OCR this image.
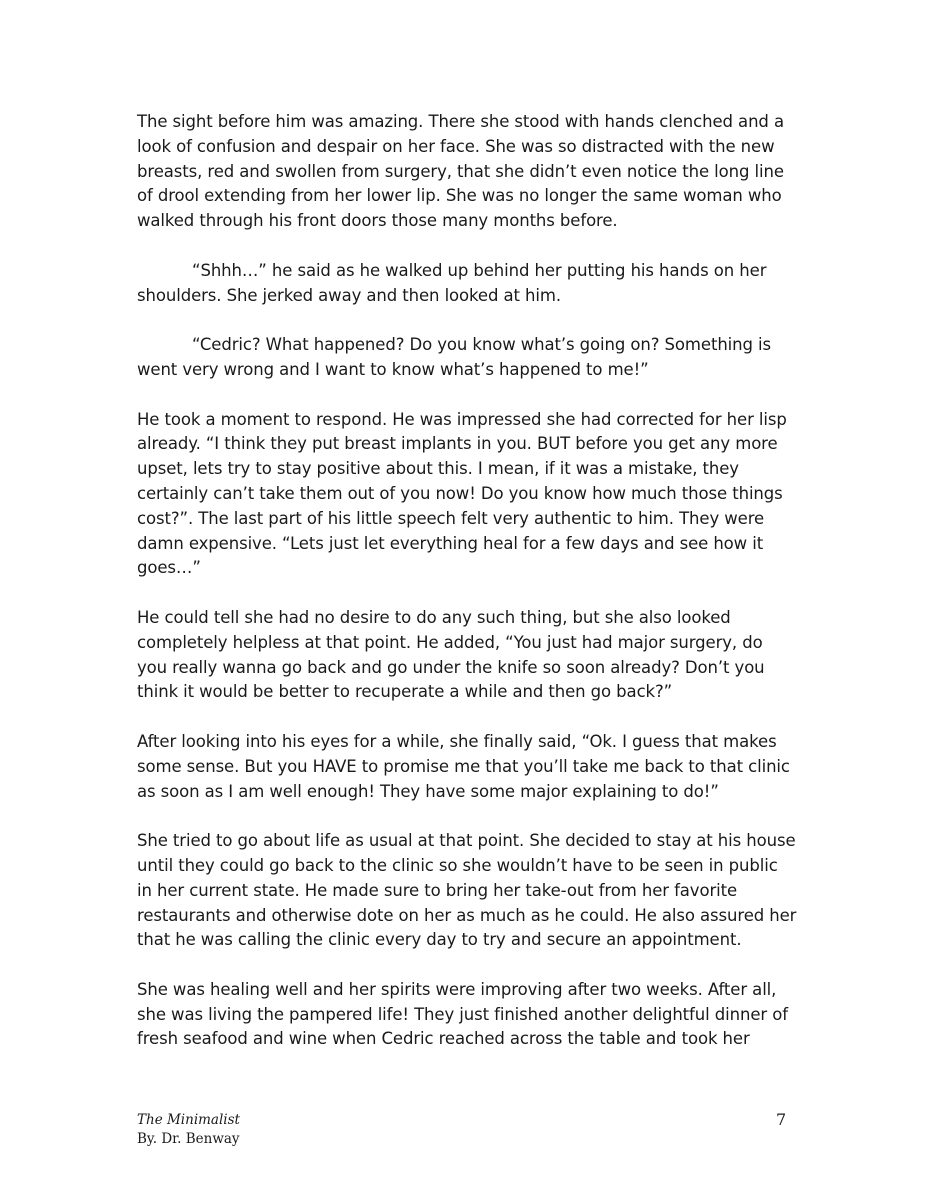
The sight before him was amazing. There she stood with hands clenched and a look of confusion and despair on her face. She was so distracted with the new breasts, red and swollen from surgery, that she didn’t even notice the long line of drool extending from her lower lip. She was no longer the same woman who walked through his front doors those many months before.

“Shhh…” he said as he walked up behind her putting his hands on her shoulders. She jerked away and then looked at him.

“Cedric? What happened? Do you know what’s going on? Something is went very wrong and I want to know what’s happened to me!”

He took a moment to respond. He was impressed she had corrected for her lisp already. “I think they put breast implants in you. BUT before you get any more upset, lets try to stay positive about this. I mean, if it was a mistake, they certainly can’t take them out of you now! Do you know how much those things cost?”. The last part of his little speech felt very authentic to him. They were damn expensive. “Lets just let everything heal for a few days and see how it goes…”

He could tell she had no desire to do any such thing, but she also looked completely helpless at that point. He added, “You just had major surgery, do you really wanna go back and go under the knife so soon already? Don’t you think it would be better to recuperate a while and then go back?”

After looking into his eyes for a while, she finally said, “Ok. I guess that makes some sense. But you HAVE to promise me that you’ll take me back to that clinic as soon as I am well enough! They have some major explaining to do!”

She tried to go about life as usual at that point. She decided to stay at his house until they could go back to the clinic so she wouldn’t have to be seen in public in her current state. He made sure to bring her take-out from her favorite restaurants and otherwise dote on her as much as he could. He also assured her that he was calling the clinic every day to try and secure an appointment.

She was healing well and her spirits were improving after two weeks. After all, she was living the pampered life! They just finished another delightful dinner of fresh seafood and wine when Cedric reached across the table and took her

The Minimalist
By. Dr. Benway
7
